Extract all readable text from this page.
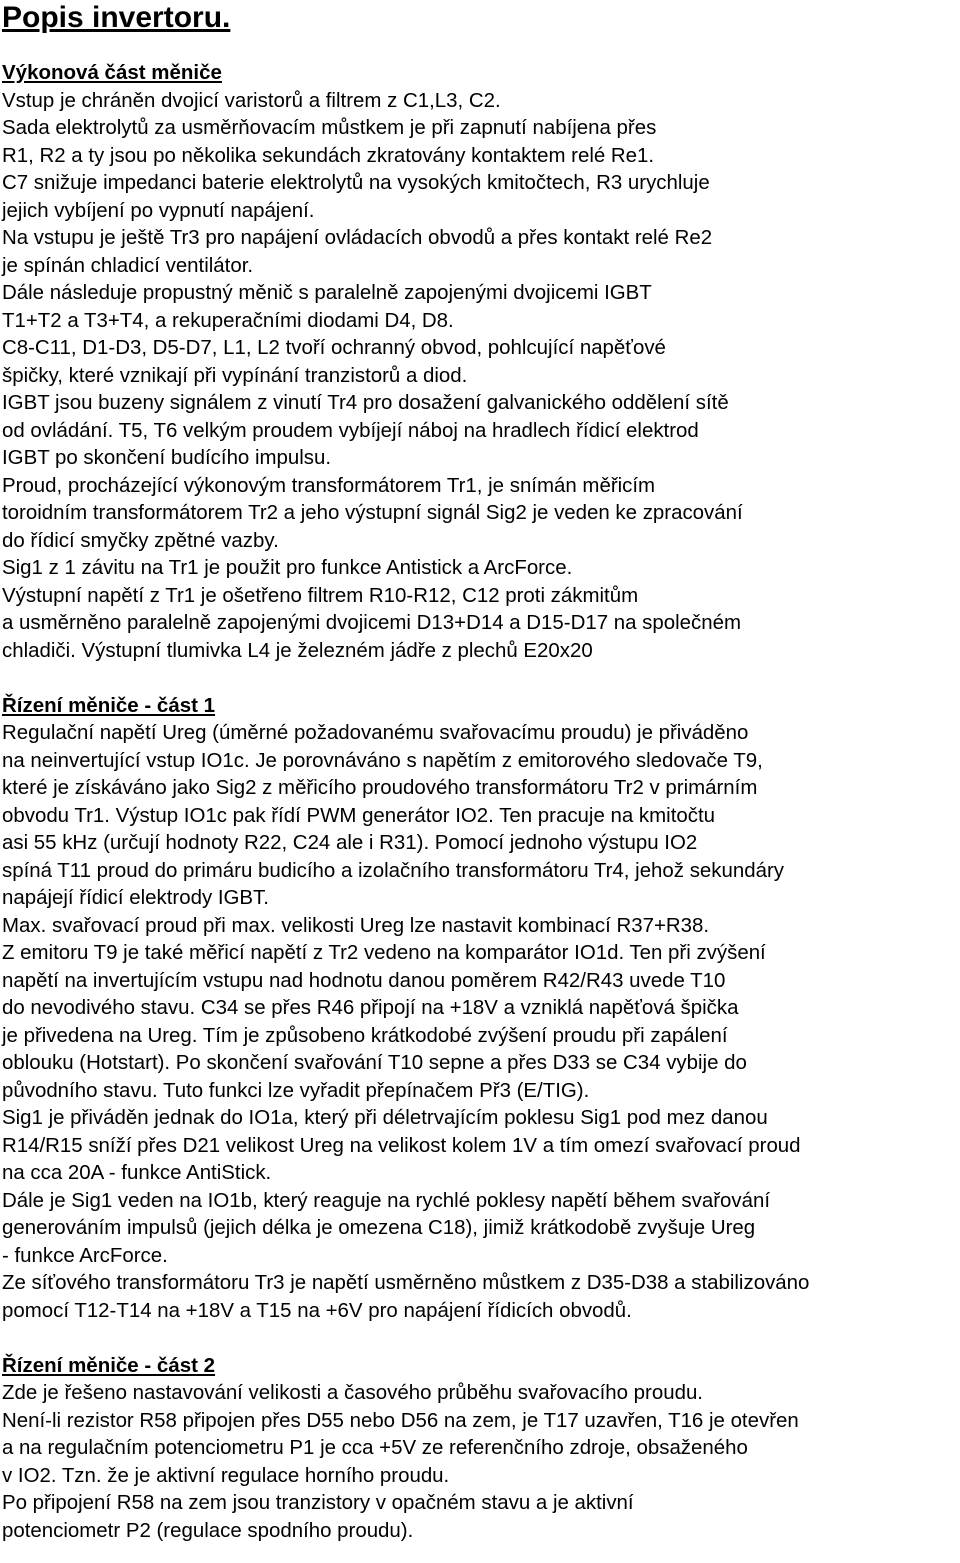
Popis invertoru.
Výkonová část měniče
Vstup je chráněn dvojicí varistorů a filtrem z C1,L3, C2.
Sada elektrolytů za usměrňovacím můstkem je při zapnutí nabíjena přes
R1, R2 a ty jsou po několika sekundách zkratovány kontaktem relé Re1.
C7 snižuje impedanci baterie elektrolytů na vysokých kmitočtech, R3 urychluje
jejich vybíjení po vypnutí napájení.
Na vstupu je ještě Tr3 pro napájení ovládacích obvodů a přes kontakt relé Re2
je spínán chladicí ventilátor.
Dále následuje propustný měnič s paralelně zapojenými dvojicemi IGBT
T1+T2 a T3+T4, a rekuperačními diodami D4, D8.
C8-C11, D1-D3, D5-D7, L1, L2 tvoří ochranný obvod, pohlcující napěťové
špičky, které vznikají při vypínání tranzistorů a diod.
IGBT jsou buzeny signálem z vinutí Tr4 pro dosažení galvanického oddělení sítě
od ovládání. T5, T6 velkým proudem vybíjejí náboj na hradlech řídicí elektrod
IGBT po skončení budícího impulsu.
Proud, procházející výkonovým transformátorem Tr1, je snímán měřicím
toroidním transformátorem Tr2 a jeho výstupní signál Sig2 je veden ke zpracování
do řídicí smyčky zpětné vazby.
Sig1 z 1 závitu na Tr1 je použit pro funkce Antistick a ArcForce.
Výstupní napětí z Tr1 je ošetřeno filtrem R10-R12, C12 proti zákmitům
a usměrněno paralelně zapojenými dvojicemi D13+D14 a D15-D17 na společném
chladiči. Výstupní tlumivka L4 je železném jádře z plechů E20x20
Řízení měniče - část 1
Regulační napětí Ureg (úměrné požadovanému svařovacímu proudu) je přiváděno
na neinvertující vstup IO1c. Je porovnáváno s napětím z emitorového sledovače T9,
které je získáváno jako Sig2 z měřicího proudového transformátoru Tr2 v primárním
obvodu Tr1. Výstup IO1c pak řídí PWM generátor IO2. Ten pracuje na kmitočtu
asi 55 kHz (určují hodnoty R22, C24 ale i R31). Pomocí jednoho výstupu IO2
spíná T11 proud do primáru budicího a izolačního transformátoru Tr4, jehož sekundáry
napájejí řídicí elektrody IGBT.
Max. svařovací proud při max. velikosti Ureg lze nastavit kombinací R37+R38.
Z emitoru T9 je také měřicí napětí z Tr2 vedeno na komparátor IO1d. Ten při zvýšení
napětí na invertujícím vstupu nad hodnotu danou poměrem R42/R43 uvede T10
do nevodivého stavu. C34 se přes R46 připojí na +18V a vzniklá napěťová špička
je přivedena na Ureg. Tím je způsobeno krátkodobé zvýšení proudu při zapálení
oblouku (Hotstart). Po skončení svařování T10 sepne a přes D33 se C34 vybije do
původního stavu. Tuto funkci lze vyřadit přepínačem Př3 (E/TIG).
Sig1 je přiváděn jednak do IO1a, který při déletrvajícím poklesu Sig1 pod mez danou
R14/R15 sníží přes D21 velikost Ureg na velikost kolem 1V a tím omezí svařovací proud
na cca 20A - funkce AntiStick.
Dále je Sig1 veden na IO1b, který reaguje na rychlé poklesy napětí během svařování
generováním impulsů (jejich délka je omezena C18), jimiž krátkodobě zvyšuje Ureg
- funkce ArcForce.
Ze síťového transformátoru Tr3 je napětí usměrněno můstkem z D35-D38 a stabilizováno
pomocí T12-T14 na +18V a T15 na +6V pro napájení řídicích obvodů.
Řízení měniče - část 2
Zde je řešeno nastavování velikosti a časového průběhu svařovacího proudu.
Není-li rezistor R58 připojen přes D55 nebo D56 na zem, je T17 uzavřen, T16 je otevřen
a na regulačním potenciometru P1 je cca +5V ze referenčního zdroje, obsaženého
v IO2. Tzn. že je aktivní regulace horního proudu.
Po připojení R58 na zem jsou tranzistory v opačném stavu a je aktivní
potenciometr P2 (regulace spodního proudu).
